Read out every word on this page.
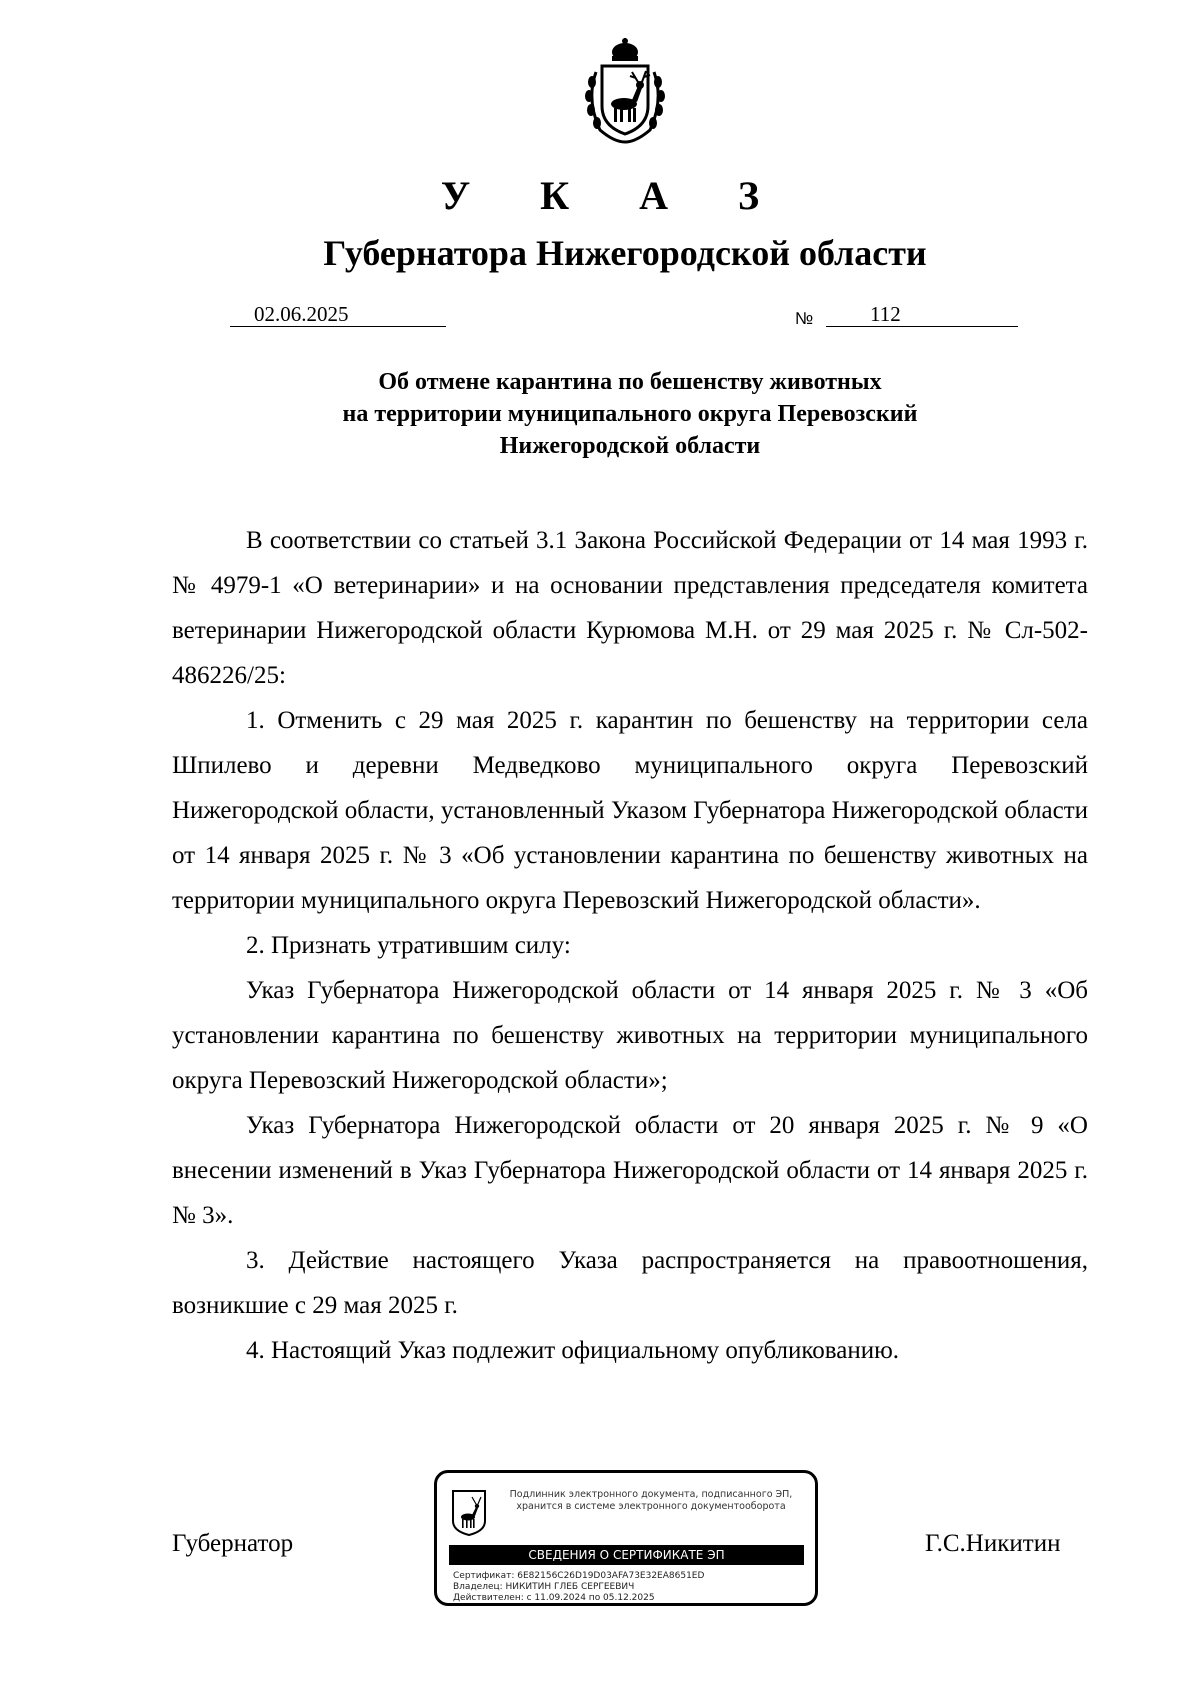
У К А З
Губернатора Нижегородской области
02.06.2025	№	112
Об отмене карантина по бешенству животных
на территории муниципального округа Перевозский
Нижегородской области

В соответствии со статьей 3.1 Закона Российской Федерации от 14 мая 1993 г. № 4979-1 «О ветеринарии» и на основании представления председателя комитета ветеринарии Нижегородской области Курюмова М.Н. от 29 мая 2025 г. № Сл-502-486226/25:

1. Отменить с 29 мая 2025 г. карантин по бешенству на территории села Шпилево и деревни Медведково муниципального округа Перевозский Нижегородской области, установленный Указом Губернатора Нижегородской области от 14 января 2025 г. № 3 «Об установлении карантина по бешенству животных на территории муниципального округа Перевозский Нижегородской области».

2. Признать утратившим силу:

Указ Губернатора Нижегородской области от 14 января 2025 г. № 3 «Об установлении карантина по бешенству животных на территории муниципального округа Перевозский Нижегородской области»;

Указ Губернатора Нижегородской области от 20 января 2025 г. № 9 «О внесении изменений в Указ Губернатора Нижегородской области от 14 января 2025 г. № 3».

3. Действие настоящего Указа распространяется на правоотношения, возникшие с 29 мая 2025 г.

4. Настоящий Указ подлежит официальному опубликованию.

Губернатор	Г.С.Никитин
Подлинник электронного документа, подписанного ЭП,
хранится в системе электронного документооборота
СВЕДЕНИЯ О СЕРТИФИКАТЕ ЭП
Сертификат: 6E82156C26D19D03AFA73E32EA8651ED
Владелец: НИКИТИН ГЛЕБ СЕРГЕЕВИЧ
Действителен: с 11.09.2024 по 05.12.2025
